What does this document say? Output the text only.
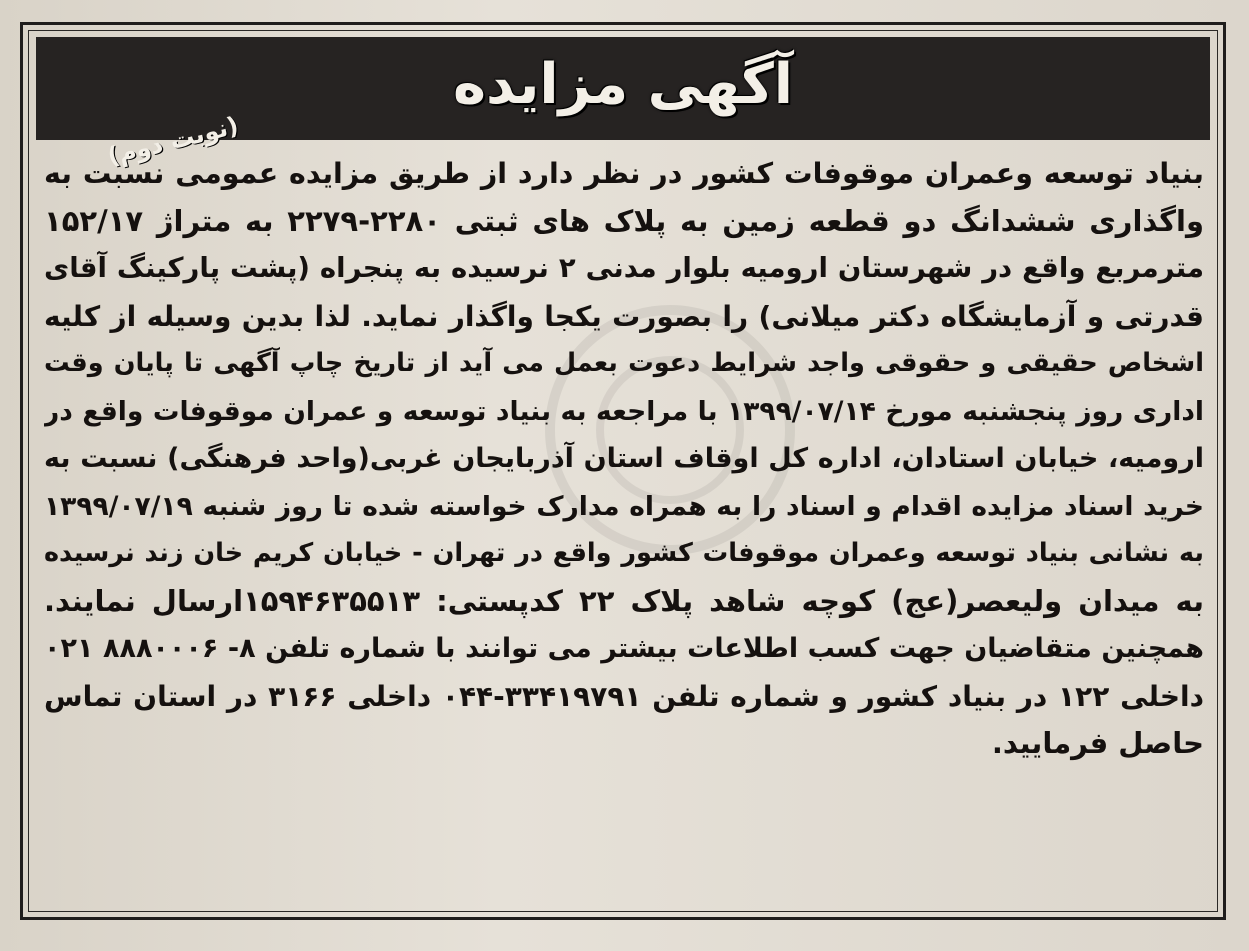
آگهی مزایده
(نوبت دوم)
بنیاد توسعه وعمران موقوفات کشور در نظر دارد از طریق مزایده عمومی نسبت به
واگذاری ششدانگ دو قطعه زمین به پلاک های ثبتی ۲۲۸۰-۲۲۷۹ به متراژ ۱۵۲/۱۷
مترمربع واقع در شهرستان ارومیه بلوار مدنی ۲ نرسیده به پنجراه (پشت پارکینگ آقای
قدرتی و آزمایشگاه دکتر میلانی) را بصورت یکجا واگذار نماید. لذا بدین وسیله از کلیه
اشخاص حقیقی و حقوقی واجد شرایط دعوت بعمل می آید از تاریخ چاپ آگهی تا پایان وقت
اداری روز پنجشنبه مورخ ۱۳۹۹/۰۷/۱۴ با مراجعه به بنیاد توسعه و عمران موقوفات واقع در
ارومیه، خیابان استادان، اداره کل اوقاف استان آذربایجان غربی(واحد فرهنگی) نسبت به
خرید اسناد مزایده اقدام و اسناد را به همراه مدارک خواسته شده تا روز شنبه ۱۳۹۹/۰۷/۱۹
به نشانی بنیاد توسعه وعمران موقوفات کشور واقع در تهران - خیابان کریم خان زند نرسیده
به میدان ولیعصر(عج) کوچه شاهد پلاک ۲۲ کدپستی: ۱۵۹۴۶۳۵۵۱۳ارسال نمایند.
همچنین متقاضیان جهت کسب اطلاعات بیشتر می توانند با شماره تلفن ۸- ۸۸۸۰۰۰۶ ۰۲۱
داخلی ۱۲۲ در بنیاد کشور و شماره تلفن ۳۳۴۱۹۷۹۱-۰۴۴ داخلی ۳۱۶۶ در استان تماس
حاصل فرمایید.
